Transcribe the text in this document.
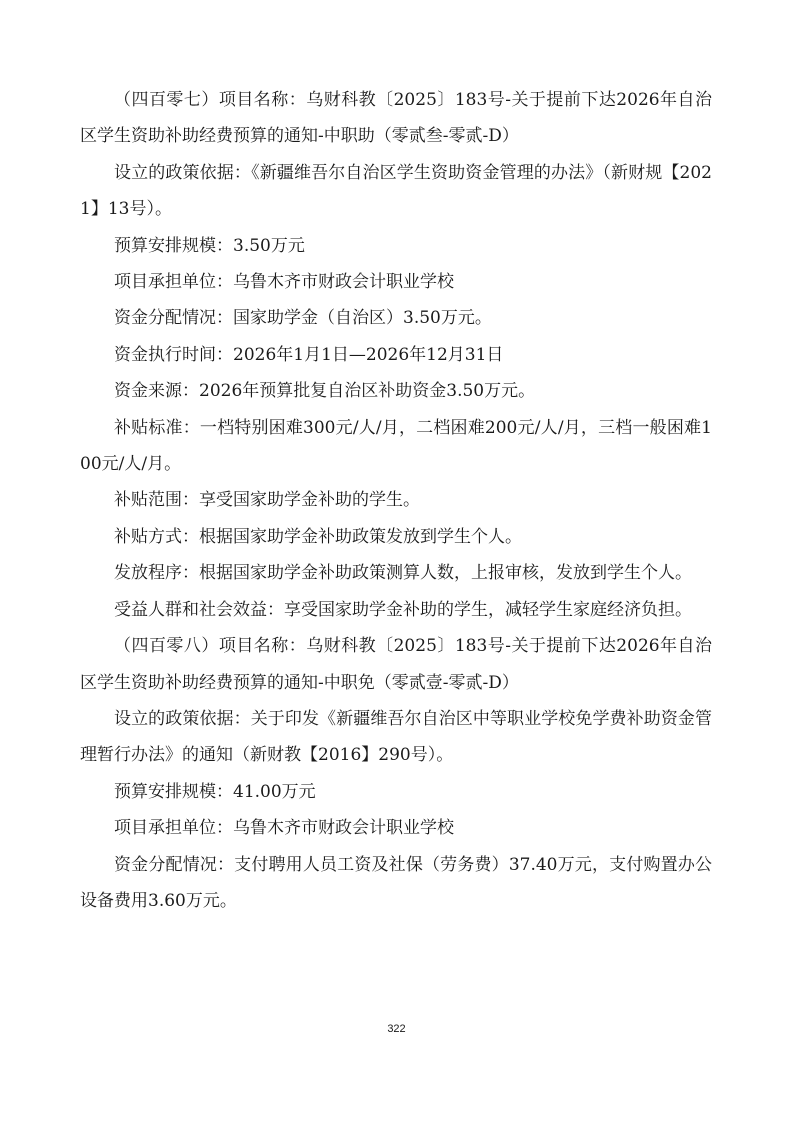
（四百零七）项目名称：乌财科教〔2025〕183号-关于提前下达2026年自治区学生资助补助经费预算的通知-中职助（零贰叁-零贰-D）

设立的政策依据：《新疆维吾尔自治区学生资助资金管理的办法》（新财规【2021】13号）。

预算安排规模：3.50万元

项目承担单位：乌鲁木齐市财政会计职业学校

资金分配情况：国家助学金（自治区）3.50万元。

资金执行时间：2026年1月1日—2026年12月31日

资金来源：2026年预算批复自治区补助资金3.50万元。

补贴标准：一档特别困难300元/人/月，二档困难200元/人/月，三档一般困难100元/人/月。

补贴范围：享受国家助学金补助的学生。

补贴方式：根据国家助学金补助政策发放到学生个人。

发放程序：根据国家助学金补助政策测算人数，上报审核，发放到学生个人。

受益人群和社会效益：享受国家助学金补助的学生，减轻学生家庭经济负担。

（四百零八）项目名称：乌财科教〔2025〕183号-关于提前下达2026年自治区学生资助补助经费预算的通知-中职免（零贰壹-零贰-D）

设立的政策依据：关于印发《新疆维吾尔自治区中等职业学校免学费补助资金管理暂行办法》的通知（新财教【2016】290号）。

预算安排规模：41.00万元

项目承担单位：乌鲁木齐市财政会计职业学校

资金分配情况：支付聘用人员工资及社保（劳务费）37.40万元，支付购置办公设备费用3.60万元。

322
